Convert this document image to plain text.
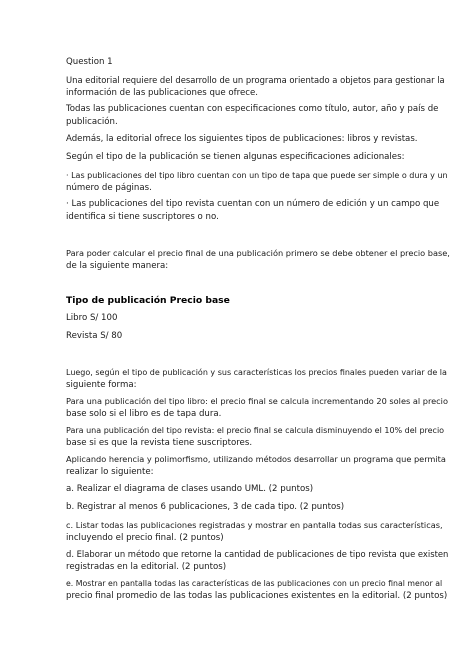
Question 1

Una editorial requiere del desarrollo de un programa orientado a objetos para gestionar la

información de las publicaciones que ofrece.

Todas las publicaciones cuentan con especificaciones como título, autor, año y país de

publicación.

Además, la editorial ofrece los siguientes tipos de publicaciones: libros y revistas.

Según el tipo de la publicación se tienen algunas especificaciones adicionales:

· Las publicaciones del tipo libro cuentan con un tipo de tapa que puede ser simple o dura y un

número de páginas.

· Las publicaciones del tipo revista cuentan con un número de edición y un campo que

identifica si tiene suscriptores o no.

Para poder calcular el precio final de una publicación primero se debe obtener el precio base,

de la siguiente manera:

Tipo de publicación Precio base

Libro S/ 100

Revista S/ 80

Luego, según el tipo de publicación y sus características los precios finales pueden variar de la

siguiente forma:

Para una publicación del tipo libro: el precio final se calcula incrementando 20 soles al precio

base solo si el libro es de tapa dura.

Para una publicación del tipo revista: el precio final se calcula disminuyendo el 10% del precio

base si es que la revista tiene suscriptores.

Aplicando herencia y polimorfismo, utilizando métodos desarrollar un programa que permita

realizar lo siguiente:

a. Realizar el diagrama de clases usando UML. (2 puntos)

b. Registrar al menos 6 publicaciones, 3 de cada tipo. (2 puntos)

c. Listar todas las publicaciones registradas y mostrar en pantalla todas sus características,

incluyendo el precio final. (2 puntos)

d. Elaborar un método que retorne la cantidad de publicaciones de tipo revista que existen

registradas en la editorial. (2 puntos)

e. Mostrar en pantalla todas las características de las publicaciones con un precio final menor al

precio final promedio de las todas las publicaciones existentes en la editorial. (2 puntos)
